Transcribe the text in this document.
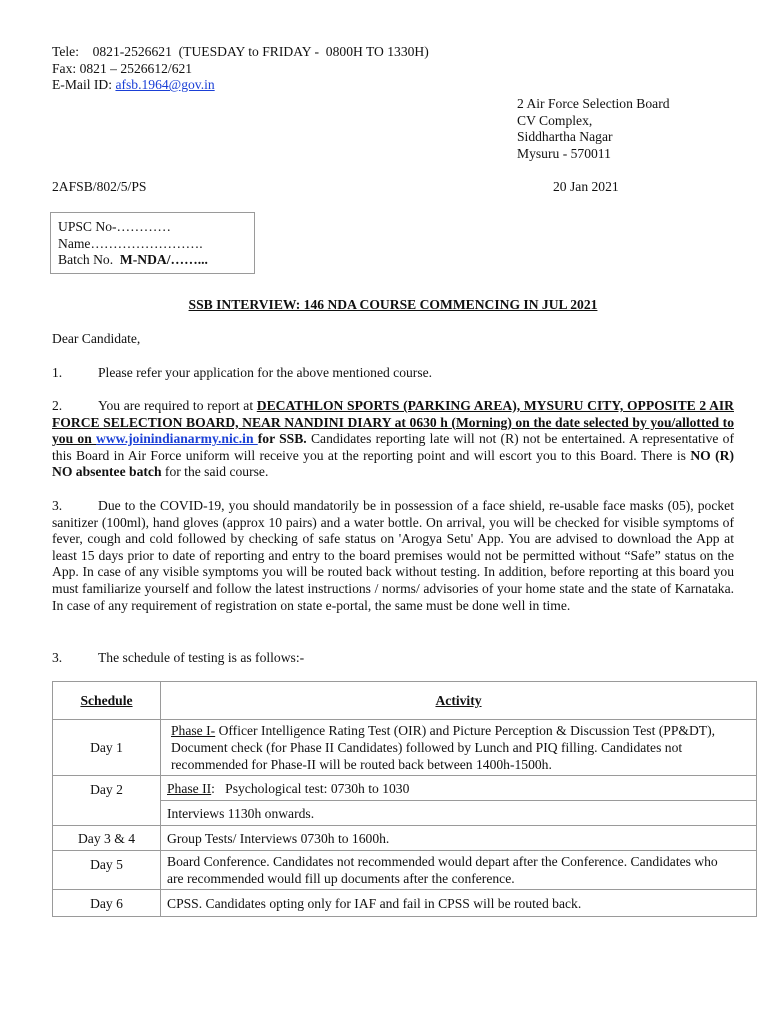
Tele:    0821-2526621  (TUESDAY to FRIDAY -  0800H TO 1330H)
Fax: 0821 – 2526612/621
E-Mail ID: afsb.1964@gov.in
2 Air Force Selection Board
CV Complex,
Siddhartha Nagar
Mysuru - 570011
2AFSB/802/5/PS	20 Jan 2021
UPSC No-…………
Name…………………….
Batch No.  M-NDA/……...
SSB INTERVIEW: 146 NDA COURSE COMMENCING IN JUL 2021
Dear Candidate,
1.	Please refer your application for the above mentioned course.
2.	You are required to report at DECATHLON SPORTS (PARKING AREA), MYSURU CITY, OPPOSITE 2 AIR FORCE SELECTION BOARD, NEAR NANDINI DIARY at 0630 h (Morning) on the date selected by you/allotted to you on www.joinindianarmy.nic.in for SSB. Candidates reporting late will not (R) not be entertained. A representative of this Board in Air Force uniform will receive you at the reporting point and will escort you to this Board. There is NO (R) NO absentee batch for the said course.
3.	Due to the COVID-19, you should mandatorily be in possession of a face shield, re-usable face masks (05), pocket sanitizer (100ml), hand gloves (approx 10 pairs) and a water bottle. On arrival, you will be checked for visible symptoms of fever, cough and cold followed by checking of safe status on 'Arogya Setu' App. You are advised to download the App at least 15 days prior to date of reporting and entry to the board premises would not be permitted without “Safe” status on the App. In case of any visible symptoms you will be routed back without testing. In addition, before reporting at this board you must familiarize yourself and follow the latest instructions / norms/ advisories of your home state and the state of Karnataka. In case of any requirement of registration on state e-portal, the same must be done well in time.
3.	The schedule of testing is as follows:-
Schedule	Activity
Day 1	Phase I- Officer Intelligence Rating Test (OIR) and Picture Perception & Discussion Test (PP&DT), Document check (for Phase II Candidates) followed by Lunch and PIQ filling. Candidates not recommended for Phase-II will be routed back between 1400h-1500h.
Day 2	Phase II:   Psychological test: 0730h to 1030
	Interviews 1130h onwards.
Day 3 & 4	Group Tests/ Interviews 0730h to 1600h.
Day 5	Board Conference. Candidates not recommended would depart after the Conference. Candidates who are recommended would fill up documents after the conference.
Day 6	CPSS. Candidates opting only for IAF and fail in CPSS will be routed back.
